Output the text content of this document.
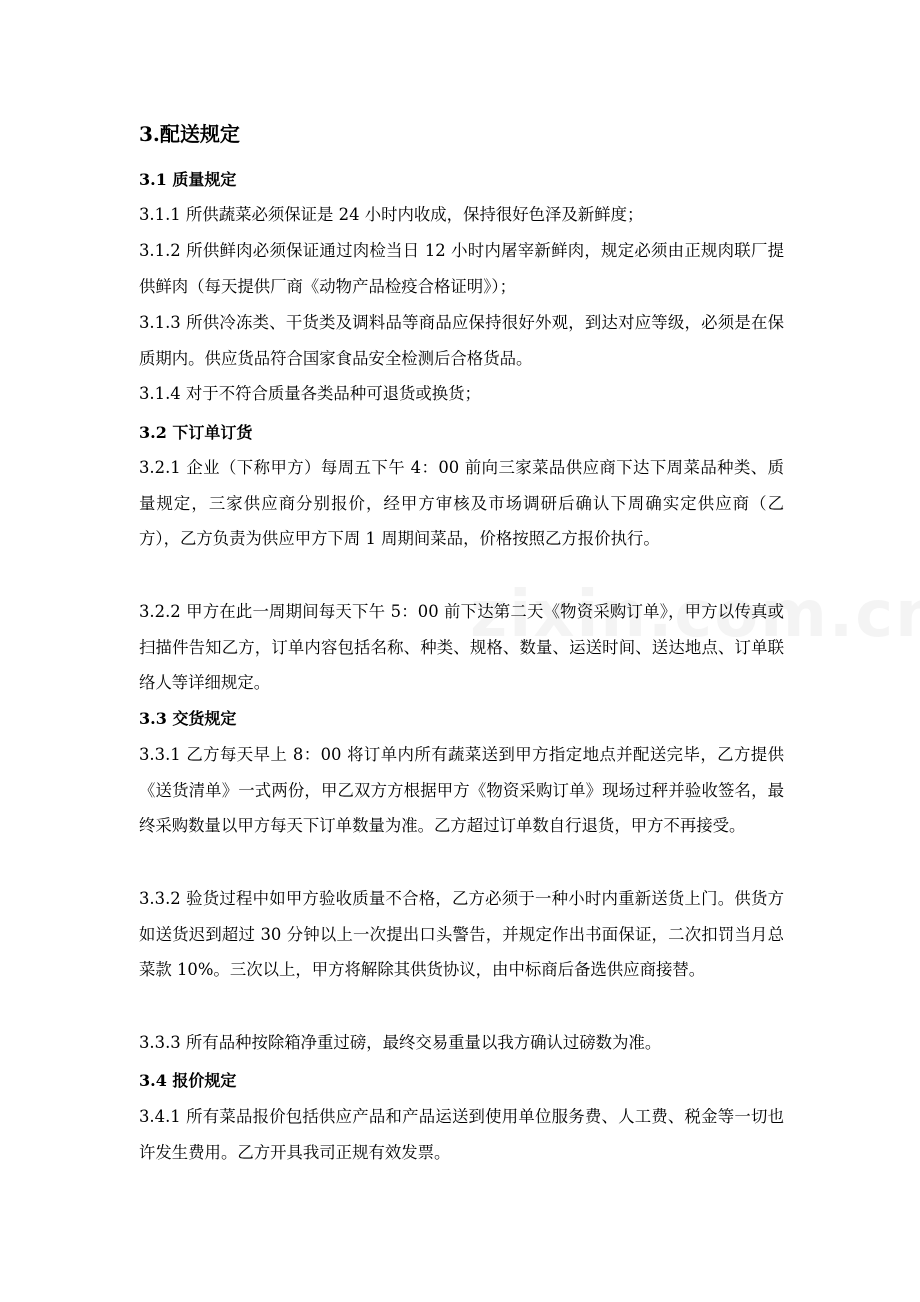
3.配送规定
3.1 质量规定
3.1.1 所供蔬菜必须保证是 24 小时内收成，保持很好色泽及新鲜度；
3.1.2 所供鲜肉必须保证通过肉检当日 12 小时内屠宰新鲜肉，规定必须由正规肉联厂提供鲜肉（每天提供厂商《动物产品检疫合格证明》）；
3.1.3 所供冷冻类、干货类及调料品等商品应保持很好外观，到达对应等级，必须是在保质期内。供应货品符合国家食品安全检测后合格货品。
3.1.4 对于不符合质量各类品种可退货或换货；
3.2 下订单订货
3.2.1 企业（下称甲方）每周五下午 4：00 前向三家菜品供应商下达下周菜品种类、质量规定，三家供应商分别报价，经甲方审核及市场调研后确认下周确实定供应商（乙方），乙方负责为供应甲方下周 1 周期间菜品，价格按照乙方报价执行。
3.2.2 甲方在此一周期间每天下午 5：00 前下达第二天《物资采购订单》，甲方以传真或扫描件告知乙方，订单内容包括名称、种类、规格、数量、运送时间、送达地点、订单联络人等详细规定。
3.3 交货规定
3.3.1 乙方每天早上 8：00 将订单内所有蔬菜送到甲方指定地点并配送完毕，乙方提供《送货清单》一式两份，甲乙双方方根据甲方《物资采购订单》现场过秤并验收签名，最终采购数量以甲方每天下订单数量为准。乙方超过订单数自行退货，甲方不再接受。
3.3.2 验货过程中如甲方验收质量不合格，乙方必须于一种小时内重新送货上门。供货方如送货迟到超过 30 分钟以上一次提出口头警告，并规定作出书面保证，二次扣罚当月总菜款 10%。三次以上，甲方将解除其供货协议，由中标商后备选供应商接替。
3.3.3 所有品种按除箱净重过磅，最终交易重量以我方确认过磅数为准。
3.4 报价规定
3.4.1 所有菜品报价包括供应产品和产品运送到使用单位服务费、人工费、税金等一切也许发生费用。乙方开具我司正规有效发票。
